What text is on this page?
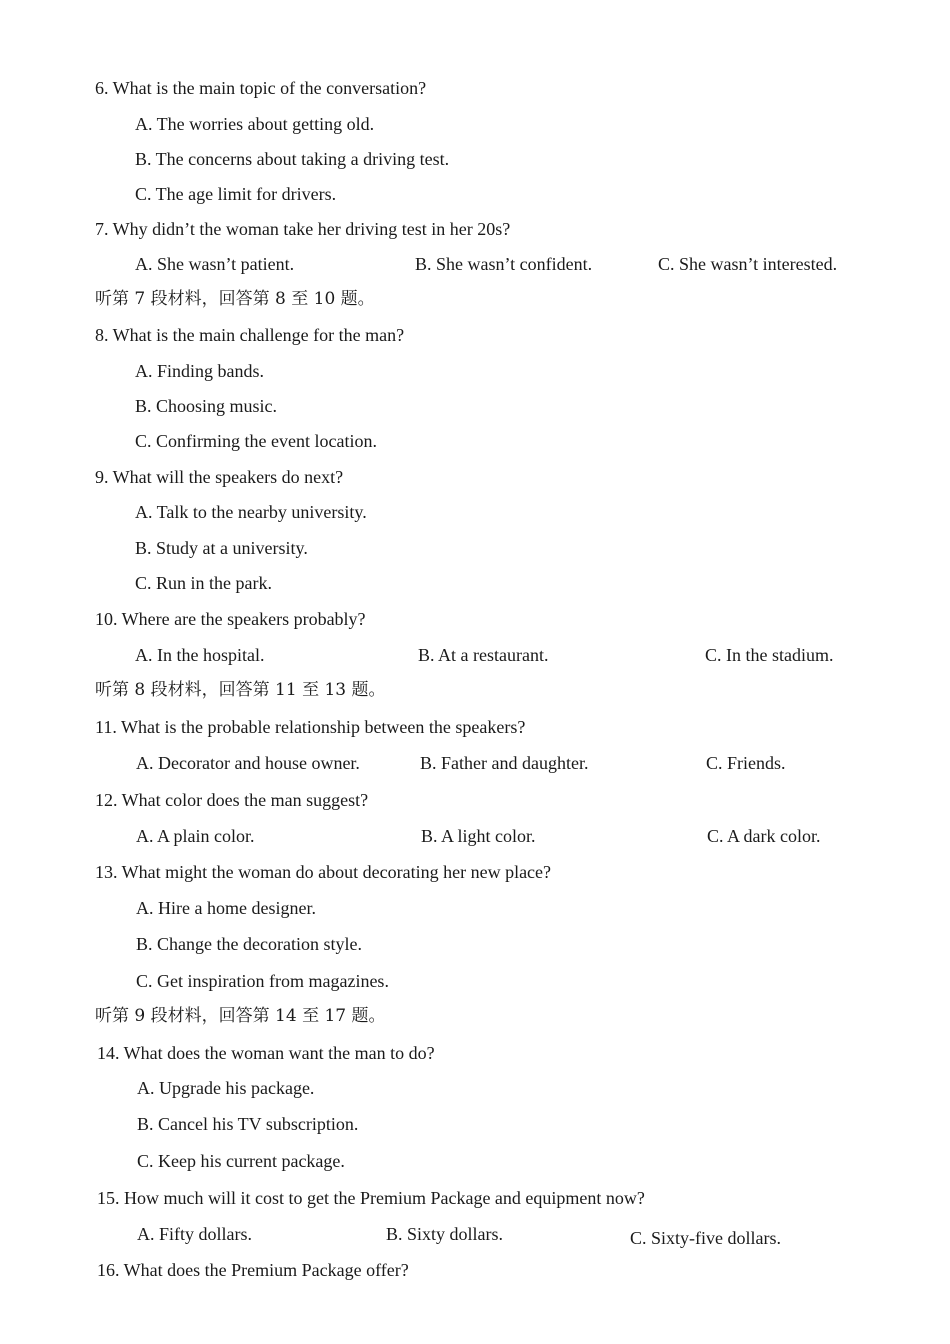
6. What is the main topic of the conversation?
A. The worries about getting old.
B. The concerns about taking a driving test.
C. The age limit for drivers.
7. Why didn’t the woman take her driving test in her 20s?
A. She wasn’t patient.	B. She wasn’t confident.	C. She wasn’t interested.
听第 7 段材料，回答第 8 至 10 题。
8. What is the main challenge for the man?
A. Finding bands.
B. Choosing music.
C. Confirming the event location.
9. What will the speakers do next?
A. Talk to the nearby university.
B. Study at a university.
C. Run in the park.
10. Where are the speakers probably?
A. In the hospital.	B. At a restaurant.	C. In the stadium.
听第 8 段材料，回答第 11 至 13 题。
11. What is the probable relationship between the speakers?
A. Decorator and house owner.	B. Father and daughter.	C. Friends.
12. What color does the man suggest?
A. A plain color.	B. A light color.	C. A dark color.
13. What might the woman do about decorating her new place?
A. Hire a home designer.
B. Change the decoration style.
C. Get inspiration from magazines.
听第 9 段材料，回答第 14 至 17 题。
14. What does the woman want the man to do?
A. Upgrade his package.
B. Cancel his TV subscription.
C. Keep his current package.
15. How much will it cost to get the Premium Package and equipment now?
A. Fifty dollars.	B. Sixty dollars.	C. Sixty-five dollars.
16. What does the Premium Package offer?
